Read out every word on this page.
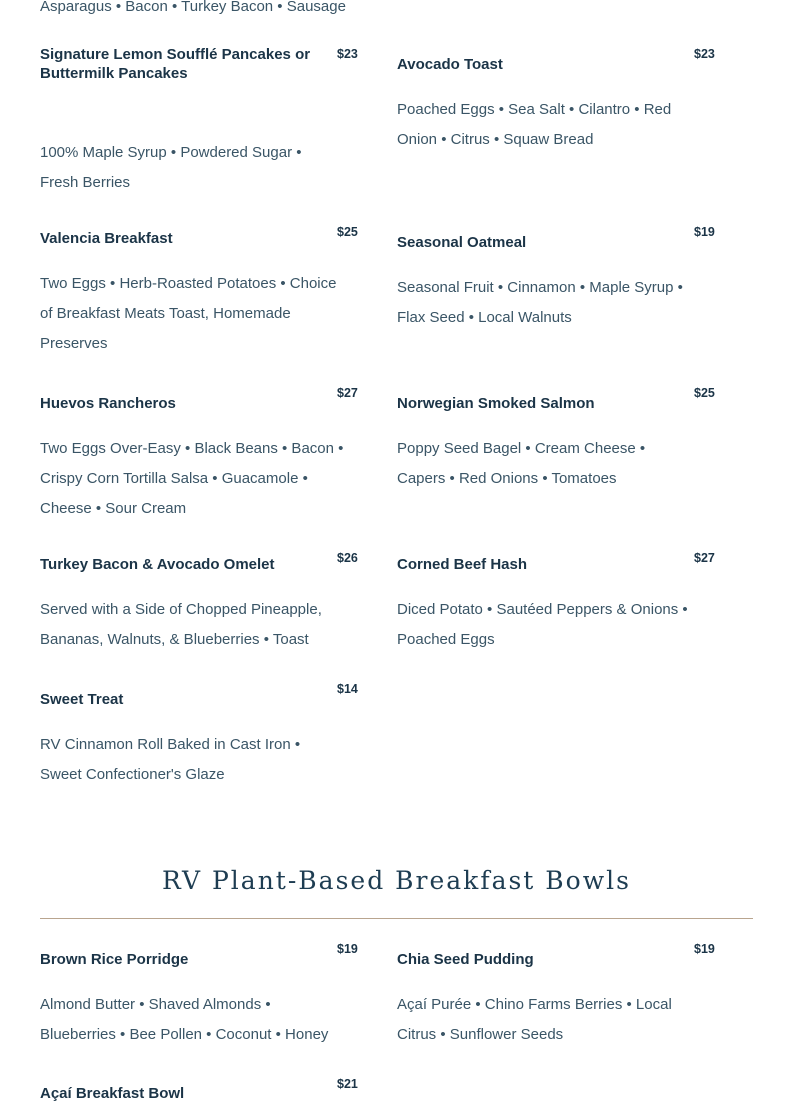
Asparagus • Bacon • Turkey Bacon • Sausage
Signature Lemon Soufflé Pancakes or Buttermilk Pancakes
$23
100% Maple Syrup • Powdered Sugar • Fresh Berries
Avocado Toast
$23
Poached Eggs • Sea Salt • Cilantro • Red Onion • Citrus • Squaw Bread
Valencia Breakfast	$25
Two Eggs • Herb-Roasted Potatoes • Choice of Breakfast Meats Toast, Homemade Preserves
Seasonal Oatmeal
$19
Seasonal Fruit • Cinnamon • Maple Syrup • Flax Seed • Local Walnuts
Huevos Rancheros
$27
Two Eggs Over-Easy • Black Beans • Bacon • Crispy Corn Tortilla Salsa • Guacamole • Cheese • Sour Cream
Norwegian Smoked Salmon
$25
Poppy Seed Bagel • Cream Cheese • Capers • Red Onions • Tomatoes
Turkey Bacon & Avocado Omelet	$26
Served with a Side of Chopped Pineapple, Bananas, Walnuts, & Blueberries • Toast
Corned Beef Hash	$27
Diced Potato • Sautéed Peppers & Onions • Poached Eggs
Sweet Treat
$14
RV Cinnamon Roll Baked in Cast Iron • Sweet Confectioner's Glaze
RV Plant-Based Breakfast Bowls
Brown Rice Porridge
$19
Almond Butter • Shaved Almonds • Blueberries • Bee Pollen • Coconut • Honey
Chia Seed Pudding
$19
Açaí Purée • Chino Farms Berries • Local Citrus • Sunflower Seeds
Açaí Breakfast Bowl
$21
